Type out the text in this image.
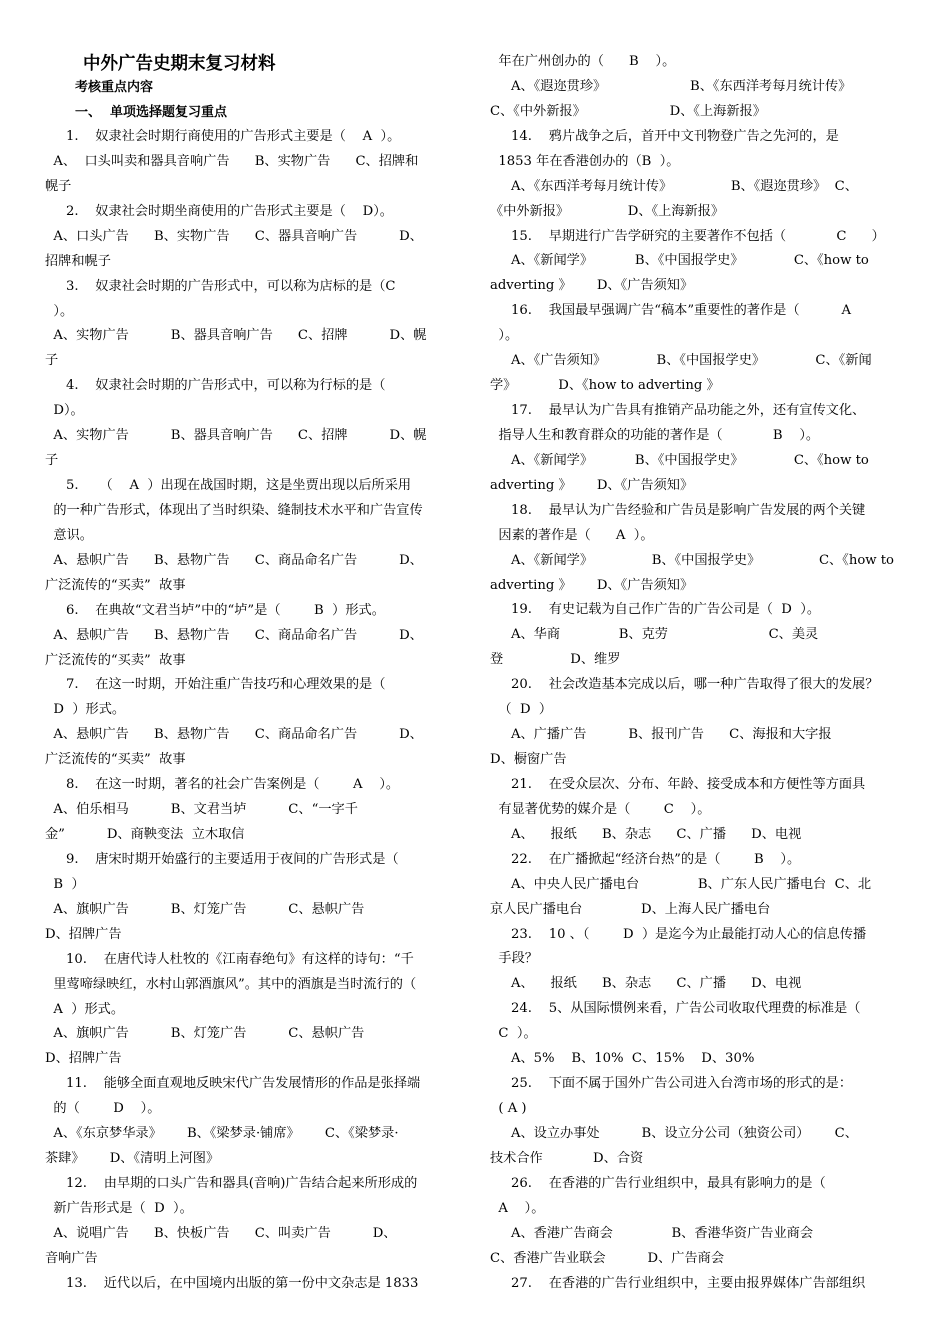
中外广告史期末复习材料
考核重点内容
一、  单项选择题复习重点
1.    奴隶社会时期行商使用的广告形式主要是（    A  ）。
A、  口头叫卖和器具音响广告      B、实物广告      C、招牌和
幌子
2.    奴隶社会时期坐商使用的广告形式主要是（    D）。
A、口头广告      B、实物广告      C、器具音响广告          D、
招牌和幌子
3.    奴隶社会时期的广告形式中，可以称为店标的是（C
）。
A、实物广告          B、器具音响广告      C、招牌          D、幌
子
4.    奴隶社会时期的广告形式中，可以称为行标的是（
D）。
A、实物广告          B、器具音响广告      C、招牌          D、幌
子
5.     （    A  ）出现在战国时期，这是坐贾出现以后所采用
的一种广告形式，体现出了当时织染、缝制技术水平和广告宣传
意识。
A、悬帜广告      B、悬物广告      C、商品命名广告          D、
广泛流传的“买卖”  故事
6.    在典故“文君当垆”中的“垆”是（        B  ）形式。
A、悬帜广告      B、悬物广告      C、商品命名广告          D、
广泛流传的“买卖”  故事
7.    在这一时期，开始注重广告技巧和心理效果的是（
D  ）形式。
A、悬帜广告      B、悬物广告      C、商品命名广告          D、
广泛流传的“买卖”  故事
8.    在这一时期，著名的社会广告案例是（        A    ）。
A、伯乐相马          B、文君当垆          C、“一字千
金”          D、商鞅变法  立木取信
9.    唐宋时期开始盛行的主要适用于夜间的广告形式是（
B  ）
A、旗帜广告          B、灯笼广告          C、悬帜广告
D、招牌广告
10.    在唐代诗人杜牧的《江南春绝句》有这样的诗句：“千
里莺啼绿映红，水村山郭酒旗风”。其中的酒旗是当时流行的（
A  ）形式。
A、旗帜广告          B、灯笼广告          C、悬帜广告
D、招牌广告
11.    能够全面直观地反映宋代广告发展情形的作品是张择端
的（        D    ）。
A、《东京梦华录》      B、《梁梦录·铺席》      C、《梁梦录·
茶肆》      D、《清明上河图》
12.    由早期的口头广告和器具(音响)广告结合起来所形成的
新广告形式是（  D  ）。
A、说唱广告      B、快板广告      C、叫卖广告          D、
音响广告
13.    近代以后，在中国境内出版的第一份中文杂志是 1833
年在广州创办的（      B    ）。
A、《遐迩贯珍》                    B、《东西洋考每月统计传》
C、《中外新报》                    D、《上海新报》
14.    鸦片战争之后，首开中文刊物登广告之先河的，是
1853 年在香港创办的（B  ）。
A、《东西洋考每月统计传》              B、《遐迩贯珍》  C、
《中外新报》              D、《上海新报》
15.    早期进行广告学研究的主要著作不包括（            C      ）
A、《新闻学》          B、《中国报学史》            C、《how to
adverting 》      D、《广告须知》
16.    我国最早强调广告“稿本”重要性的著作是（          A
）。
A、《广告须知》            B、《中国报学史》            C、《新闻
学》          D、《how to adverting 》
17.    最早认为广告具有推销产品功能之外，还有宣传文化、
指导人生和教育群众的功能的著作是（            B    ）。
A、《新闻学》          B、《中国报学史》            C、《how to
adverting 》      D、《广告须知》
18.    最早认为广告经验和广告员是影响广告发展的两个关键
因素的著作是（      A  ）。
A、《新闻学》              B、《中国报学史》              C、《how to
adverting 》      D、《广告须知》
19.    有史记载为自己作广告的广告公司是（  D  ）。
A、华商              B、克劳                        C、美灵
登                D、维罗
20.    社会改造基本完成以后，哪一种广告取得了很大的发展？
（  D  ）
A、广播广告          B、报刊广告      C、海报和大字报
D、橱窗广告
21.    在受众层次、分布、年龄、接受成本和方便性等方面具
有显著优势的媒介是（        C    ）。
A、    报纸      B、杂志      C、广播      D、电视
22.    在广播掀起“经济台热”的是（        B    ）。
A、中央人民广播电台              B、广东人民广播电台  C、北
京人民广播电台              D、上海人民广播电台
23.    10 、（        D  ）是迄今为止最能打动人心的信息传播
手段？
A、    报纸      B、杂志      C、广播      D、电视
24.    5、从国际惯例来看，广告公司收取代理费的标准是（
C  ）。
A、5%    B、10%  C、15%    D、30%
25.    下面不属于国外广告公司进入台湾市场的形式的是：
( A )
A、设立办事处          B、设立分公司（独资公司）      C、
技术合作            D、合资
26.    在香港的广告行业组织中，最具有影响力的是（
A    ）。
A、香港广告商会              B、香港华资广告业商会
C、香港广告业联会          D、广告商会
27.    在香港的广告行业组织中，主要由报界媒体广告部组织
